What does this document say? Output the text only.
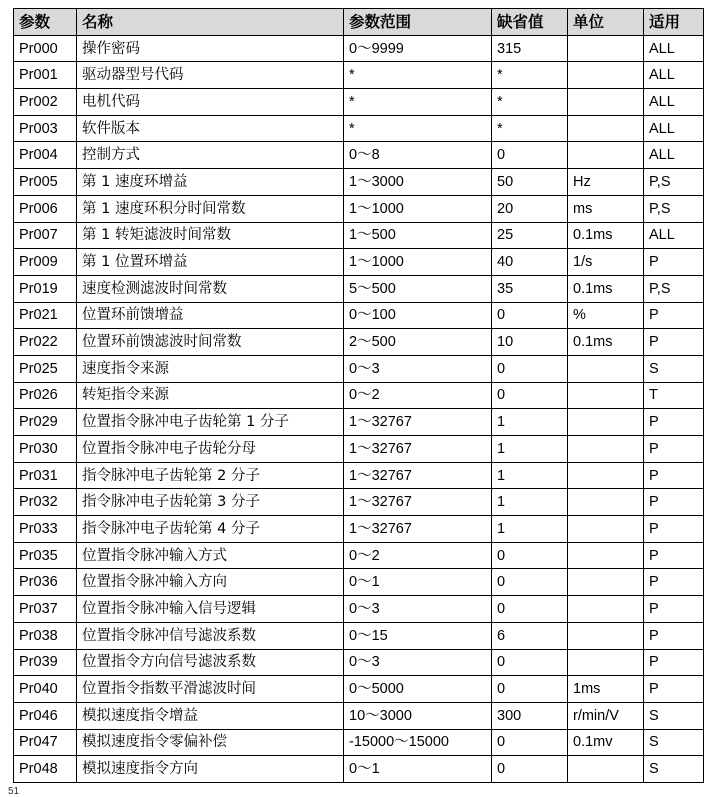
参数	名称	参数范围	缺省值	单位	适用
Pr000	操作密码	0～9999	315		ALL
Pr001	驱动器型号代码	*	*		ALL
Pr002	电机代码	*	*		ALL
Pr003	软件版本	*	*		ALL
Pr004	控制方式	0～8	0		ALL
Pr005	第 1 速度环增益	1～3000	50	Hz	P,S
Pr006	第 1 速度环积分时间常数	1～1000	20	ms	P,S
Pr007	第 1 转矩滤波时间常数	1～500	25	0.1ms	ALL
Pr009	第 1 位置环增益	1～1000	40	1/s	P
Pr019	速度检测滤波时间常数	5～500	35	0.1ms	P,S
Pr021	位置环前馈增益	0～100	0	%	P
Pr022	位置环前馈滤波时间常数	2～500	10	0.1ms	P
Pr025	速度指令来源	0～3	0		S
Pr026	转矩指令来源	0～2	0		T
Pr029	位置指令脉冲电子齿轮第 1 分子	1～32767	1		P
Pr030	位置指令脉冲电子齿轮分母	1～32767	1		P
Pr031	指令脉冲电子齿轮第 2 分子	1～32767	1		P
Pr032	指令脉冲电子齿轮第 3 分子	1～32767	1		P
Pr033	指令脉冲电子齿轮第 4 分子	1～32767	1		P
Pr035	位置指令脉冲输入方式	0～2	0		P
Pr036	位置指令脉冲输入方向	0～1	0		P
Pr037	位置指令脉冲输入信号逻辑	0～3	0		P
Pr038	位置指令脉冲信号滤波系数	0～15	6		P
Pr039	位置指令方向信号滤波系数	0～3	0		P
Pr040	位置指令指数平滑滤波时间	0～5000	0	1ms	P
Pr046	模拟速度指令增益	10～3000	300	r/min/V	S
Pr047	模拟速度指令零偏补偿	-15000～15000	0	0.1mv	S
Pr048	模拟速度指令方向	0～1	0		S
51
